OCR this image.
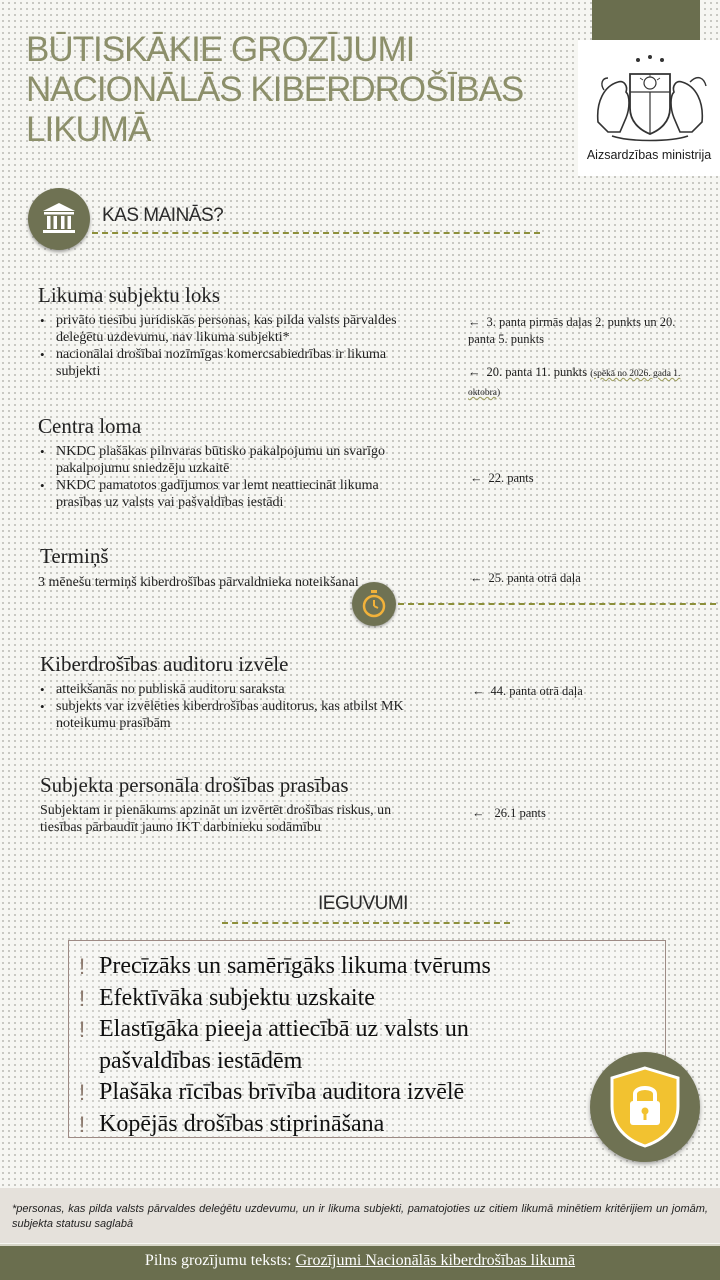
BŪTISKĀKIE GROZĪJUMI
NACIONĀLĀS KIBERDROŠĪBAS
LIKUMĀ
Aizsardzības ministrija
KAS MAINĀS?
Likuma subjektu loks
• privāto tiesību juridiskās personas, kas pilda valsts pārvaldes deleģētu uzdevumu, nav likuma subjekti*
• nacionālai drošībai nozīmīgas komercsabiedrības ir likuma subjekti
← 3. panta pirmās daļas 2. punkts un 20. panta 5. punkts
← 20. panta 11. punkts (spēkā no 2026. gada 1. oktobra)
Centra loma
• NKDC plašākas pilnvaras būtisko pakalpojumu un svarīgo pakalpojumu sniedzēju uzkaitē
• NKDC pamatotos gadījumos var lemt neattiecināt likuma prasības uz valsts vai pašvaldības iestādi
← 22. pants
Termiņš
3 mēnešu termiņš kiberdrošības pārvaldnieka noteikšanai	← 25. panta otrā daļa
Kiberdrošības auditoru izvēle
• atteikšanās no publiskā auditoru saraksta
• subjekts var izvēlēties kiberdrošības auditorus, kas atbilst MK noteikumu prasībām
← 44. panta otrā daļa
Subjekta personāla drošības prasības
Subjektam ir pienākums apzināt un izvērtēt drošības riskus, un tiesības pārbaudīt jauno IKT darbinieku sodāmību
← 26.1 pants
IEGUVUMI
! Precīzāks un samērīgāks likuma tvērums
! Efektīvāka subjektu uzskaite
! Elastīgāka pieeja attiecībā uz valsts un
pašvaldības iestādēm
! Plašāka rīcības brīvība auditora izvēlē
! Kopējās drošības stiprināšana
*personas, kas pilda valsts pārvaldes deleģētu uzdevumu, un ir likuma subjekti, pamatojoties uz citiem likumā minētiem kritērijiem un jomām, subjekta statusu saglabā
Pilns grozījumu teksts: Grozījumi Nacionālās kiberdrošības likumā
